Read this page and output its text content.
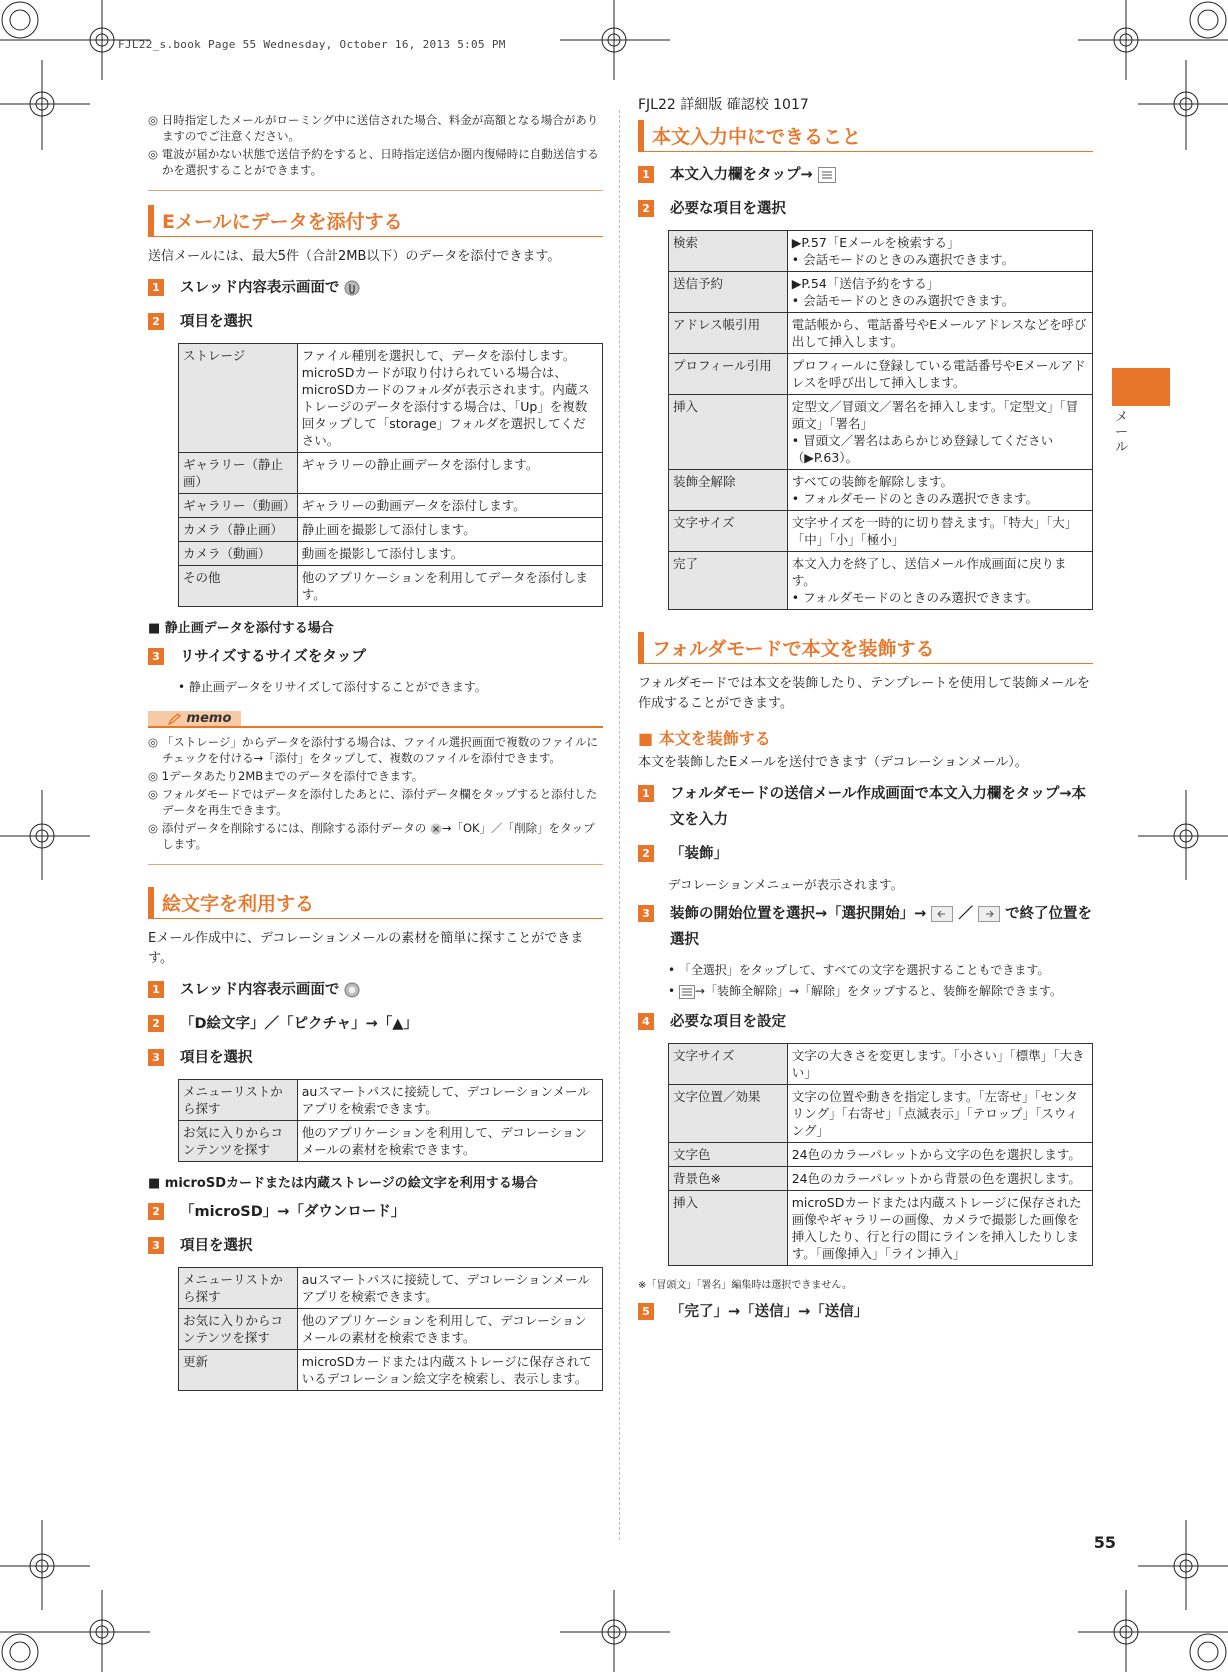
FJL22_s.book Page 55 Wednesday, October 16, 2013 5:05 PM
FJL22 詳細版 確認校 1017
メール
55

◎ 日時指定したメールがローミング中に送信された場合、料金が高額となる場合がありますのでご注意ください。

◎ 電波が届かない状態で送信予約をすると、日時指定送信か圏内復帰時に自動送信するかを選択することができます。

Eメールにデータを添付する

送信メールには、最大5件（合計2MB以下）のデータを添付できます。

1 スレッド内容表示画面で
2 項目を選択
ストレージ	ファイル種別を選択して、データを添付します。microSDカードが取り付けられている場合は、microSDカードのフォルダが表示されます。内蔵ストレージのデータを添付する場合は、「Up」を複数回タップして「storage」フォルダを選択してください。
ギャラリー（静止画）	ギャラリーの静止画データを添付します。
ギャラリー（動画）	ギャラリーの動画データを添付します。
カメラ（静止画）	静止画を撮影して添付します。
カメラ（動画）	動画を撮影して添付します。
その他	他のアプリケーションを利用してデータを添付します。
■ 静止画データを添付する場合
3 リサイズするサイズをタップ
• 静止画データをリサイズして添付することができます。
memo

◎ 「ストレージ」からデータを添付する場合は、ファイル選択画面で複数のファイルにチェックを付ける→「添付」をタップして、複数のファイルを添付できます。

◎ 1データあたり2MBまでのデータを添付できます。

◎ フォルダモードではデータを添付したあとに、添付データ欄をタップすると添付したデータを再生できます。

◎ 添付データを削除するには、削除する添付データの →「OK」／「削除」をタップします。

絵文字を利用する

Eメール作成中に、デコレーションメールの素材を簡単に探すことができます。

1 スレッド内容表示画面で
2 「D絵文字」／「ピクチャ」→「▲」
3 項目を選択
メニューリストから探す	auスマートパスに接続して、デコレーションメールアプリを検索できます。
お気に入りからコンテンツを探す	他のアプリケーションを利用して、デコレーションメールの素材を検索できます。
■ microSDカードまたは内蔵ストレージの絵文字を利用する場合
2 「microSD」→「ダウンロード」
3 項目を選択
メニューリストから探す	auスマートパスに接続して、デコレーションメールアプリを検索できます。
お気に入りからコンテンツを探す	他のアプリケーションを利用して、デコレーションメールの素材を検索できます。
更新	microSDカードまたは内蔵ストレージに保存されているデコレーション絵文字を検索し、表示します。
本文入力中にできること
1 本文入力欄をタップ→
2 必要な項目を選択
検索	▶P.57「Eメールを検索する」
• 会話モードのときのみ選択できます。

送信予約	▶P.54「送信予約をする」
• 会話モードのときのみ選択できます。

アドレス帳引用	電話帳から、電話番号やEメールアドレスなどを呼び出して挿入します。

プロフィール引用	プロフィールに登録している電話番号やEメールアドレスを呼び出して挿入します。

挿入	定型文／冒頭文／署名を挿入します。「定型文」「冒頭文」「署名」
• 冒頭文／署名はあらかじめ登録してください（▶P.63）。

装飾全解除	すべての装飾を解除します。
• フォルダモードのときのみ選択できます。

文字サイズ	文字サイズを一時的に切り替えます。「特大」「大」「中」「小」「極小」

完了	本文入力を終了し、送信メール作成画面に戻ります。
• フォルダモードのときのみ選択できます。
フォルダモードで本文を装飾する

フォルダモードでは本文を装飾したり、テンプレートを使用して装飾メールを作成することができます。

■ 本文を装飾する

本文を装飾したEメールを送付できます（デコレーションメール）。

1 フォルダモードの送信メール作成画面で本文入力欄をタップ→本文を入力
2 「装飾」
デコレーションメニューが表示されます。
3 装飾の開始位置を選択→「選択開始」→ ／ で終了位置を選択
• 「全選択」をタップして、すべての文字を選択することもできます。
• →「装飾全解除」→「解除」をタップすると、装飾を解除できます。
4 必要な項目を設定
文字サイズ	文字の大きさを変更します。「小さい」「標準」「大きい」
文字位置／効果	文字の位置や動きを指定します。「左寄せ」「センタリング」「右寄せ」「点滅表示」「テロップ」「スウィング」
文字色	24色のカラーパレットから文字の色を選択します。
背景色※	24色のカラーパレットから背景の色を選択します。
挿入	microSDカードまたは内蔵ストレージに保存された画像やギャラリーの画像、カメラで撮影した画像を挿入したり、行と行の間にラインを挿入したりします。「画像挿入」「ライン挿入」
※「冒頭文」「署名」編集時は選択できません。
5 「完了」→「送信」→「送信」
